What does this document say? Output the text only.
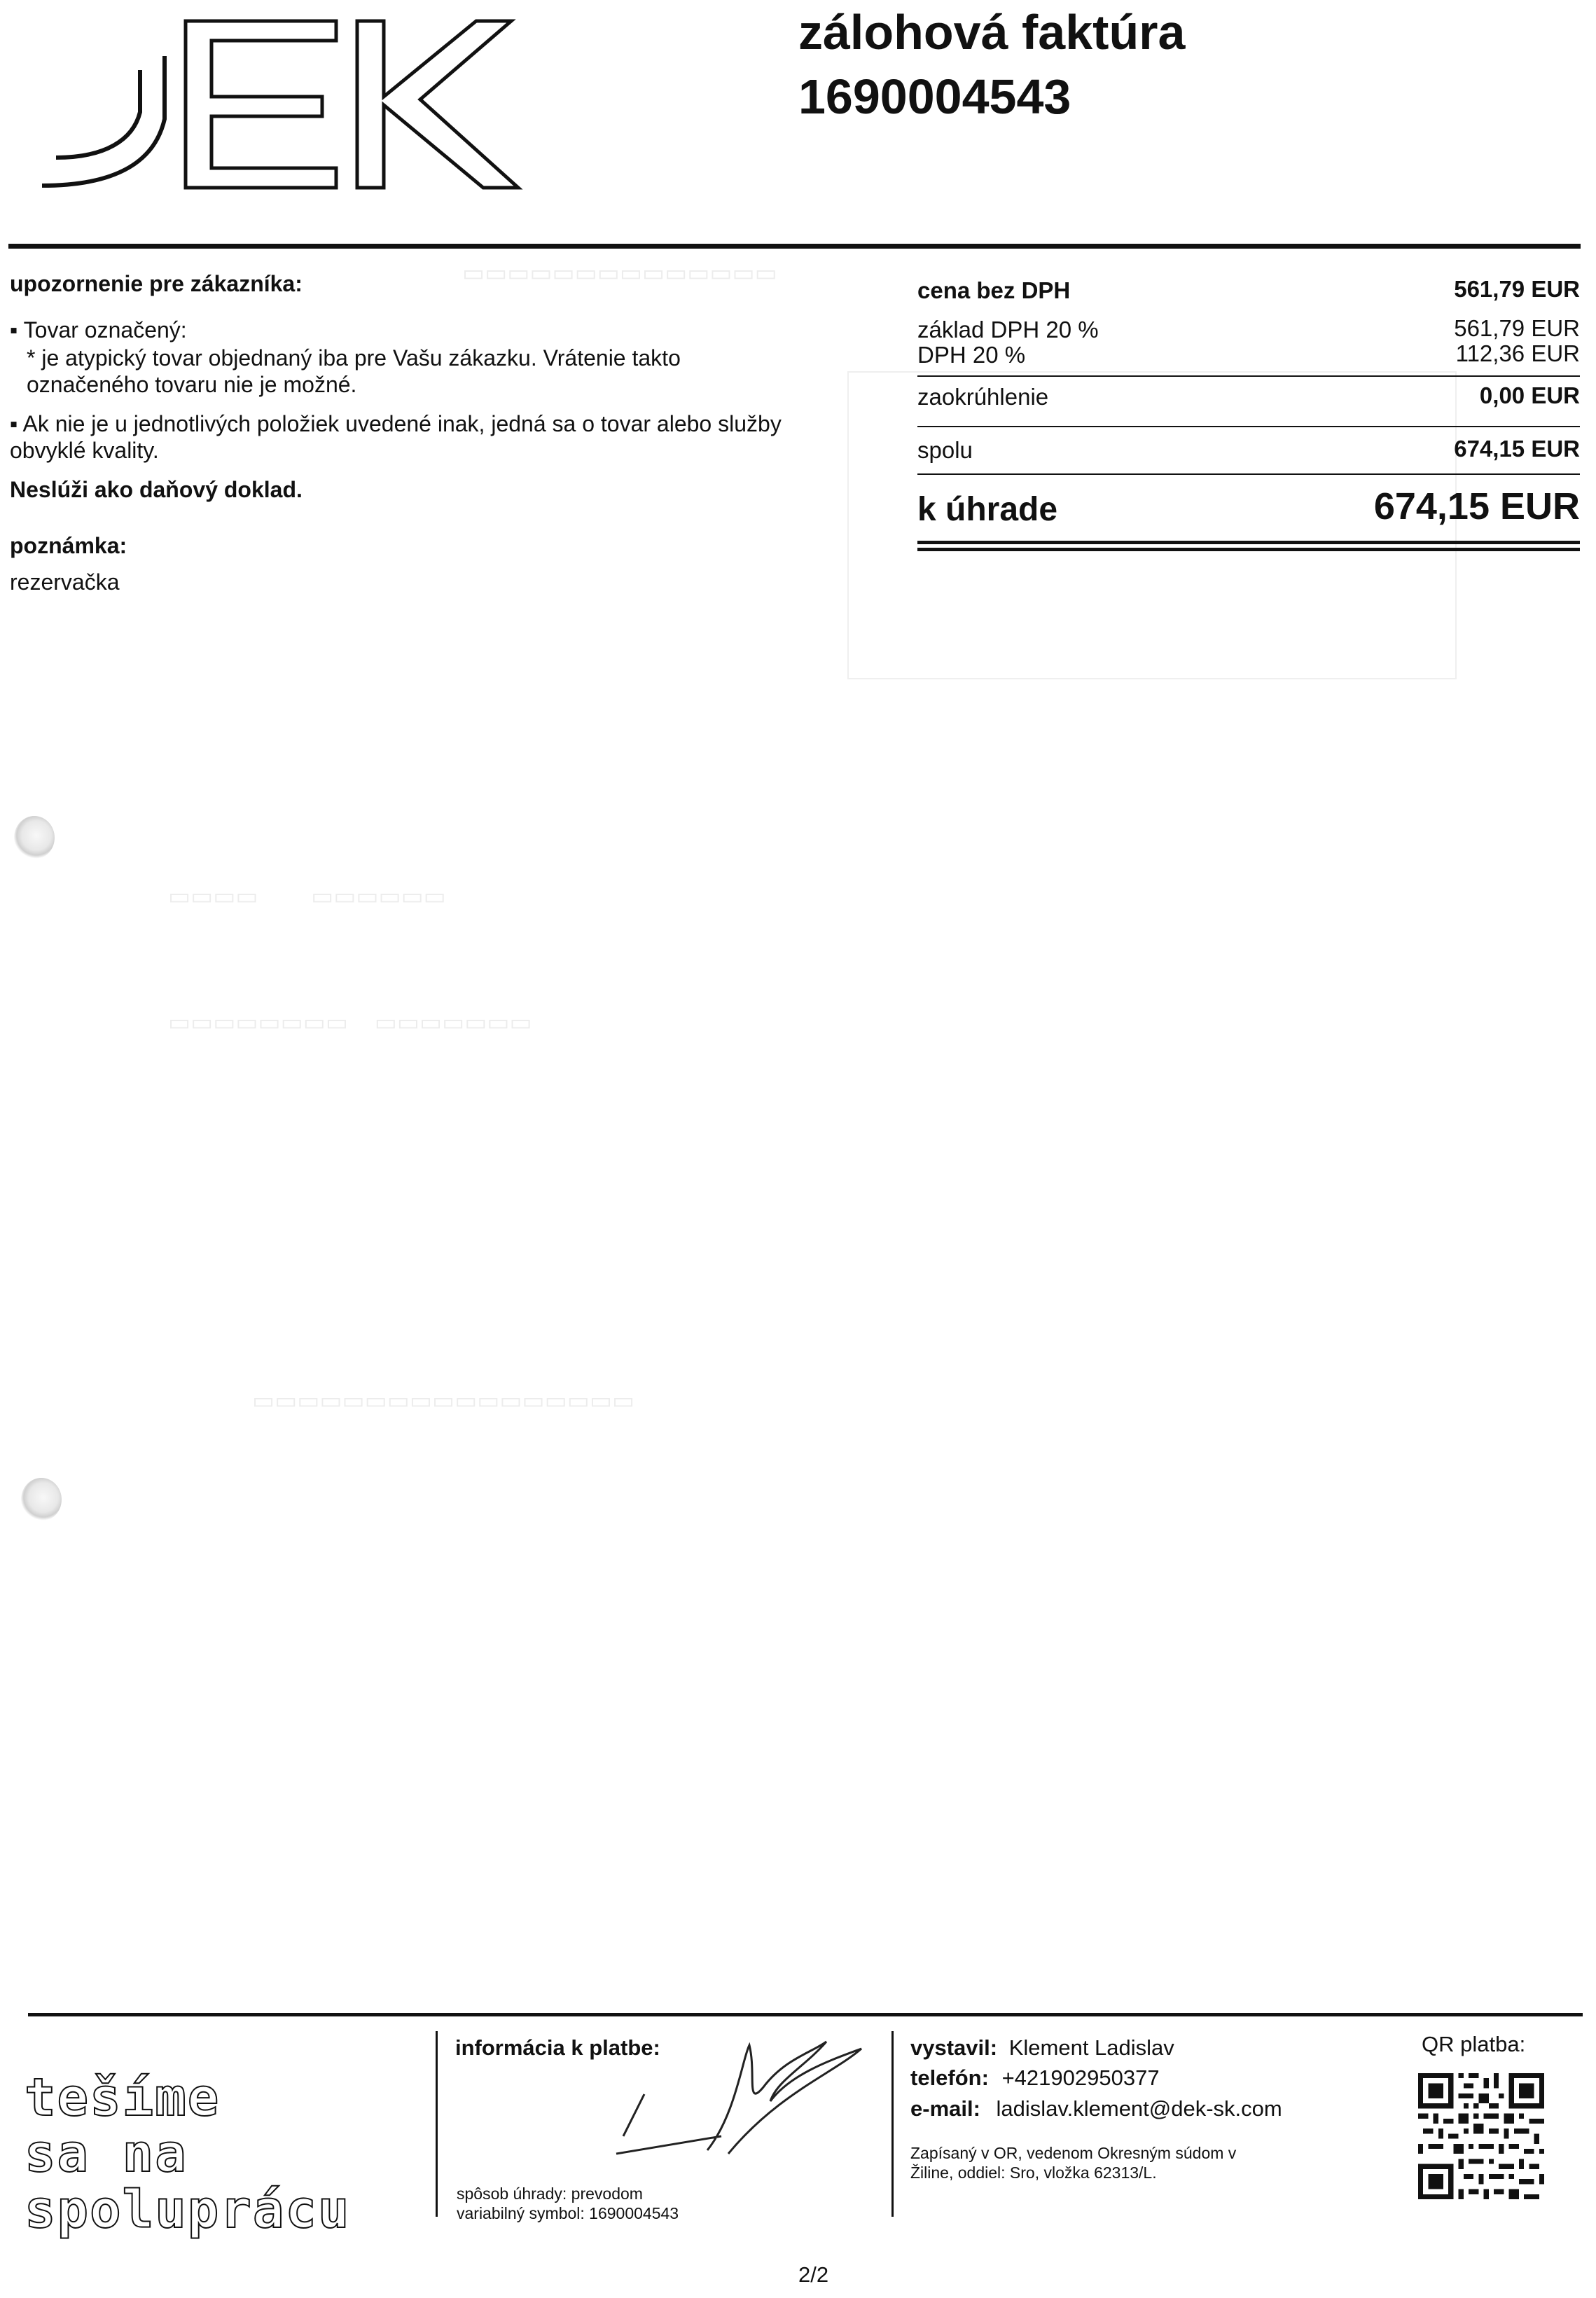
▭▭▭▭▭▭▭▭▭▭▭▭▭▭
▭▭▭▭        ▭▭▭▭▭▭
▭▭▭▭▭▭▭▭    ▭▭▭▭▭▭▭
▭▭▭▭▭▭▭▭▭▭▭▭▭▭▭▭▭
zálohová faktúra
1690004543
upozornenie pre zákazníka:
▪ Tovar označený:
* je atypický tovar objednaný iba pre Vašu zákazku. Vrátenie takto
označeného tovaru nie je možné.
▪ Ak nie je u jednotlivých položiek uvedené inak, jedná sa o tovar alebo služby
obvyklé kvality.
Neslúži ako daňový doklad.
poznámka:
rezervačka
cena bez DPH	561,79 EUR
základ DPH 20 %	561,79 EUR
DPH 20 %	112,36 EUR
zaokrúhlenie	0,00 EUR
spolu	674,15 EUR
k úhrade	674,15 EUR
tešíme
sa na
spoluprácu
informácia k platbe:
spôsob úhrady: prevodom
variabilný symbol: 1690004543
vystavil: Klement Ladislav
telefón: +421902950377
e-mail: ladislav.klement@dek-sk.com
Zapísaný v OR, vedenom Okresným súdom v
Žiline, oddiel: Sro, vložka 62313/L.
QR platba:
2/2
